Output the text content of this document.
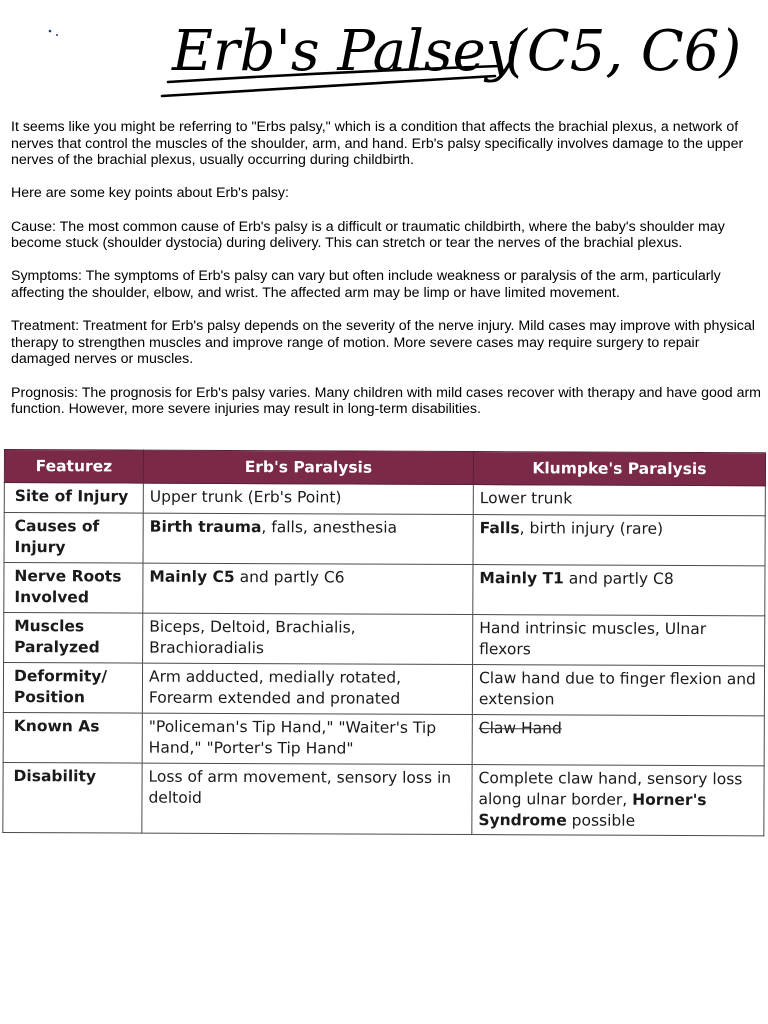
Erb's Palsey
(C5, C6)

It seems like you might be referring to "Erbs palsy," which is a condition that affects the brachial plexus, a network of nerves that control the muscles of the shoulder, arm, and hand. Erb's palsy specifically involves damage to the upper nerves of the brachial plexus, usually occurring during childbirth.

Here are some key points about Erb's palsy:

Cause: The most common cause of Erb's palsy is a difficult or traumatic childbirth, where the baby's shoulder may become stuck (shoulder dystocia) during delivery. This can stretch or tear the nerves of the brachial plexus.

Symptoms: The symptoms of Erb's palsy can vary but often include weakness or paralysis of the arm, particularly affecting the shoulder, elbow, and wrist. The affected arm may be limp or have limited movement.

Treatment: Treatment for Erb's palsy depends on the severity of the nerve injury. Mild cases may improve with physical therapy to strengthen muscles and improve range of motion. More severe cases may require surgery to repair damaged nerves or muscles.

Prognosis: The prognosis for Erb's palsy varies. Many children with mild cases recover with therapy and have good arm function. However, more severe injuries may result in long-term disabilities.

Featurez	Erb's Paralysis	Klumpke's Paralysis
Site of Injury	Upper trunk (Erb's Point)	Lower trunk
Causes of Injury	Birth trauma, falls, anesthesia	Falls, birth injury (rare)
Nerve Roots Involved	Mainly C5 and partly C6	Mainly T1 and partly C8
Muscles Paralyzed	Biceps, Deltoid, Brachialis, Brachioradialis	Hand intrinsic muscles, Ulnar flexors
Deformity/ Position	Arm adducted, medially rotated, Forearm extended and pronated	Claw hand due to finger flexion and extension
Known As	"Policeman's Tip Hand," "Waiter's Tip Hand," "Porter's Tip Hand"	Claw Hand
Disability	Loss of arm movement, sensory loss in deltoid	Complete claw hand, sensory loss along ulnar border, Horner's Syndrome possible
